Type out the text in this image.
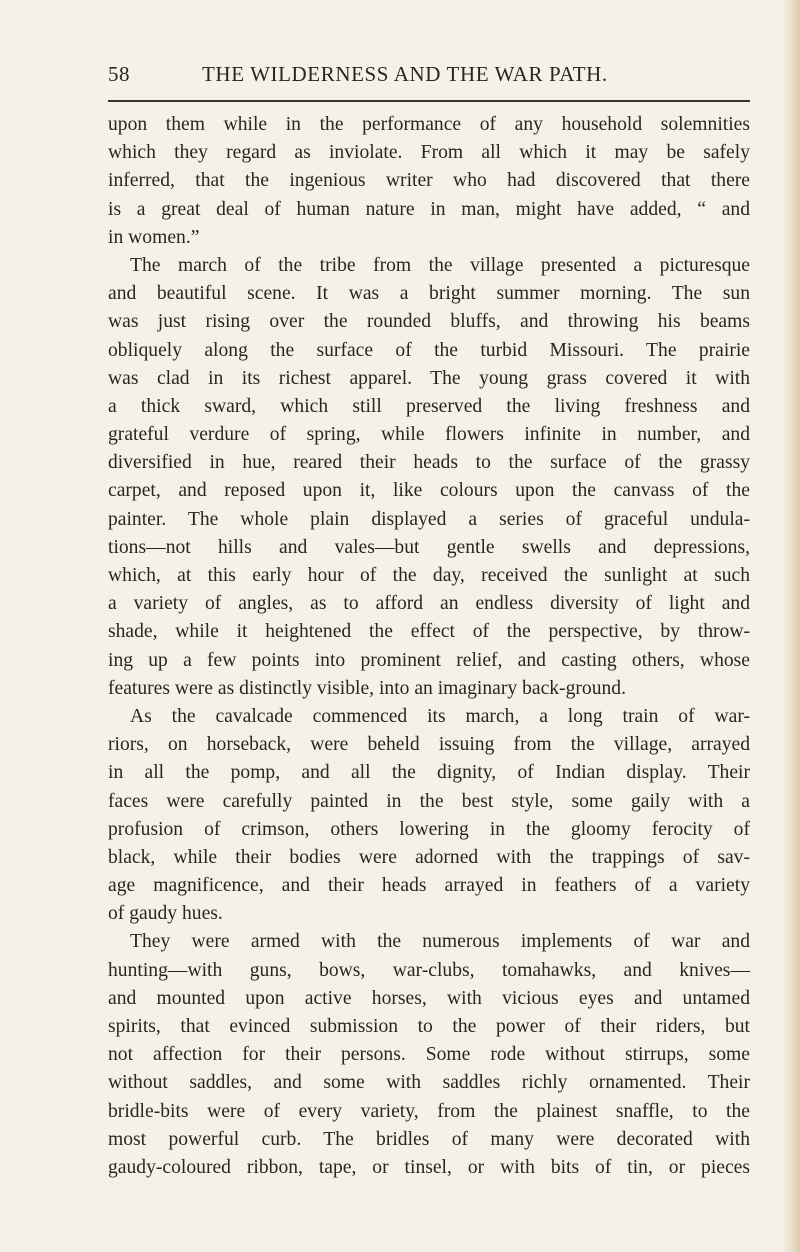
58	THE WILDERNESS AND THE WAR PATH.
upon them while in the performance of any household solemnities
which they regard as inviolate. From all which it may be safely
inferred, that the ingenious writer who had discovered that there
is a great deal of human nature in man, might have added, “ and
in women.”
The march of the tribe from the village presented a picturesque
and beautiful scene. It was a bright summer morning. The sun
was just rising over the rounded bluffs, and throwing his beams
obliquely along the surface of the turbid Missouri. The prairie
was clad in its richest apparel. The young grass covered it with
a thick sward, which still preserved the living freshness and
grateful verdure of spring, while flowers infinite in number, and
diversified in hue, reared their heads to the surface of the grassy
carpet, and reposed upon it, like colours upon the canvass of the
painter. The whole plain displayed a series of graceful undula-
tions—not hills and vales—but gentle swells and depressions,
which, at this early hour of the day, received the sunlight at such
a variety of angles, as to afford an endless diversity of light and
shade, while it heightened the effect of the perspective, by throw-
ing up a few points into prominent relief, and casting others, whose
features were as distinctly visible, into an imaginary back-ground.
As the cavalcade commenced its march, a long train of war-
riors, on horseback, were beheld issuing from the village, arrayed
in all the pomp, and all the dignity, of Indian display. Their
faces were carefully painted in the best style, some gaily with a
profusion of crimson, others lowering in the gloomy ferocity of
black, while their bodies were adorned with the trappings of sav-
age magnificence, and their heads arrayed in feathers of a variety
of gaudy hues.
They were armed with the numerous implements of war and
hunting—with guns, bows, war-clubs, tomahawks, and knives—
and mounted upon active horses, with vicious eyes and untamed
spirits, that evinced submission to the power of their riders, but
not affection for their persons. Some rode without stirrups, some
without saddles, and some with saddles richly ornamented. Their
bridle-bits were of every variety, from the plainest snaffle, to the
most powerful curb. The bridles of many were decorated with
gaudy-coloured ribbon, tape, or tinsel, or with bits of tin, or pieces
